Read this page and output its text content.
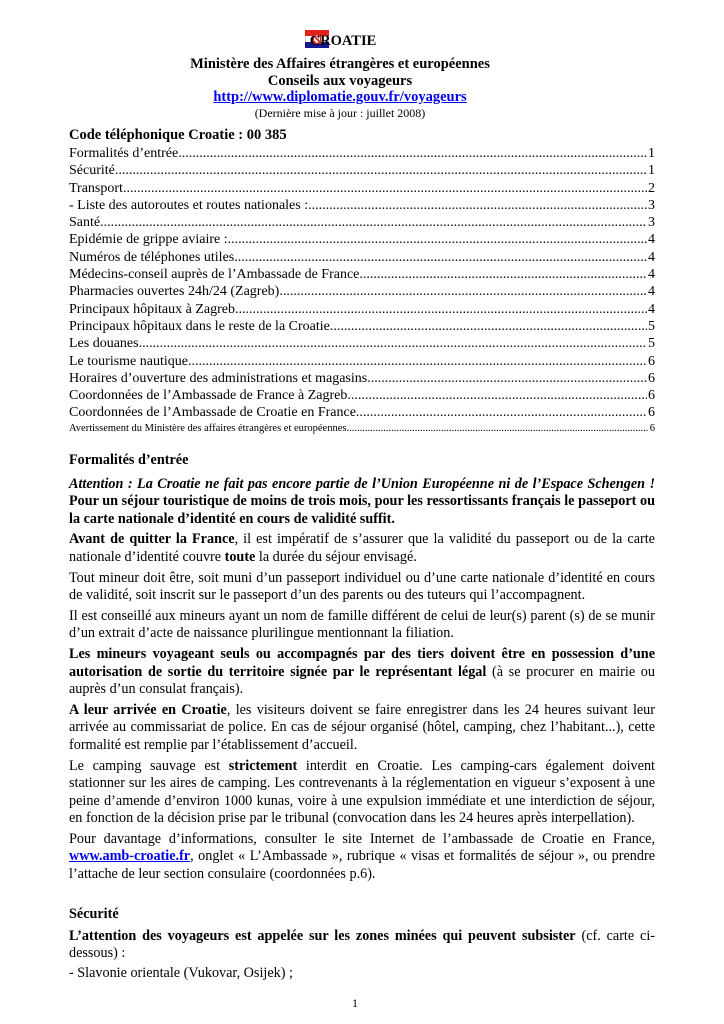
CROATIE
Ministère des Affaires étrangères et européennes
Conseils aux voyageurs
http://www.diplomatie.gouv.fr/voyageurs
(Dernière mise à jour : juillet 2008)
Code téléphonique Croatie : 00 385
Formalités d’entrée .....	1
Sécurité .....	1
Transport .....	2
- Liste des autoroutes et routes nationales : .....	3
Santé .....	3
Epidémie de grippe aviaire : .....	4
Numéros de téléphones utiles .....	4
Médecins-conseil auprès de l’Ambassade de France .....	4
Pharmacies ouvertes 24h/24 (Zagreb) .....	4
Principaux hôpitaux à Zagreb .....	4
Principaux hôpitaux dans le reste de la Croatie .....	5
Les douanes .....	5
Le tourisme nautique .....	6
Horaires d’ouverture des administrations et magasins .....	6
Coordonnées de l’Ambassade de France à Zagreb .....	6
Coordonnées de l’Ambassade de Croatie en France .....	6
Avertissement du Ministère des affaires étrangères et européennes .....	6

Formalités d’entrée

Attention : La Croatie ne fait pas encore partie de l’Union Européenne ni de l’Espace Schengen ! Pour un séjour touristique de moins de trois mois, pour les ressortissants français le passeport ou la carte nationale d’identité en cours de validité suffit.

Avant de quitter la France, il est impératif de s’assurer que la validité du passeport ou de la carte nationale d’identité couvre toute la durée du séjour envisagé.

Tout mineur doit être, soit muni d’un passeport individuel ou d’une carte nationale d’identité en cours de validité, soit inscrit sur le passeport d’un des parents ou des tuteurs qui l’accompagnent.

Il est conseillé aux mineurs ayant un nom de famille différent de celui de leur(s) parent (s) de se munir d’un extrait d’acte de naissance plurilingue mentionnant la filiation.

Les mineurs voyageant seuls ou accompagnés par des tiers doivent être en possession d’une autorisation de sortie du territoire signée par le représentant légal (à se procurer en mairie ou auprès d’un consulat français).

A leur arrivée en Croatie, les visiteurs doivent se faire enregistrer dans les 24 heures suivant leur arrivée au commissariat de police. En cas de séjour organisé (hôtel, camping, chez l’habitant...), cette formalité est remplie par l’établissement d’accueil.

Le camping sauvage est strictement interdit en Croatie. Les camping-cars également doivent stationner sur les aires de camping. Les contrevenants à la réglementation en vigueur s’exposent à une peine d’amende d’environ 1000 kunas, voire à une expulsion immédiate et une interdiction de séjour, en fonction de la décision prise par le tribunal (convocation dans les 24 heures après interpellation).

Pour davantage d’informations, consulter le site Internet de l’ambassade de Croatie en France, www.amb-croatie.fr, onglet « L’Ambassade », rubrique « visas et formalités de séjour », ou prendre l’attache de leur section consulaire (coordonnées p.6).

Sécurité

L’attention des voyageurs est appelée sur les zones minées qui peuvent subsister (cf. carte ci-dessous) :

- Slavonie orientale (Vukovar, Osijek) ;

1
